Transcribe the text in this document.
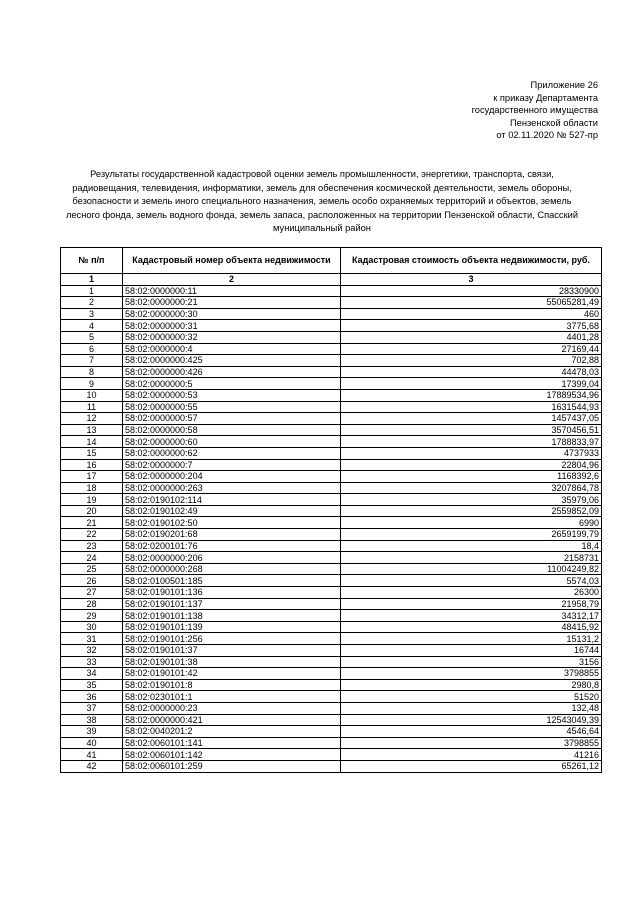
Приложение 26
к приказу Департамента
государственного имущества
Пензенской области
от 02.11.2020 № 527-пр
Результаты государственной кадастровой оценки земель промышленности, энергетики, транспорта, связи, радиовещания, телевидения, информатики, земель для обеспечения космической деятельности, земель обороны, безопасности и земель иного специального назначения, земель особо охраняемых территорий и объектов, земель лесного фонда, земель водного фонда, земель запаса, расположенных на территории Пензенской области, Спасский муниципальный район
№ п/п	Кадастровый номер объекта недвижимости	Кадастровая стоимость объекта недвижимости, руб.
1	2	3
1	58:02:0000000:11	28330900
2	58:02:0000000:21	55065281,49
3	58:02:0000000:30	460
4	58:02:0000000:31	3775,68
5	58:02:0000000:32	4401,28
6	58:02:0000000:4	27169,44
7	58:02:0000000:425	702,88
8	58:02:0000000:426	44478,03
9	58:02:0000000:5	17399,04
10	58:02:0000000:53	17889534,96
11	58:02:0000000:55	1631544,93
12	58:02:0000000:57	1457437,05
13	58:02:0000000:58	3570456,51
14	58:02:0000000:60	1788833,97
15	58:02:0000000:62	4737933
16	58:02:0000000:7	22804,96
17	58:02:0000000:204	1168392,6
18	58:02:0000000:263	3207864,78
19	58:02:0190102:114	35979,06
20	58:02:0190102:49	2559852,09
21	58:02:0190102:50	6990
22	58:02:0190201:68	2659199,79
23	58:02:0200101:76	18,4
24	58:02:0000000:206	2158731
25	58:02:0000000:268	11004249,82
26	58:02:0100501:185	5574,03
27	58:02:0190101:136	26300
28	58:02:0190101:137	21958,79
29	58:02:0190101:138	34312,17
30	58:02:0190101:139	48415,92
31	58:02:0190101:256	15131,2
32	58:02:0190101:37	16744
33	58:02:0190101:38	3156
34	58:02:0190101:42	3798855
35	58:02:0190101:8	2980,8
36	58:02:0230101:1	51520
37	58:02:0000000:23	132,48
38	58:02:0000000:421	12543049,39
39	58:02:0040201:2	4546,64
40	58:02:0060101:141	3798855
41	58:02:0060101:142	41216
42	58:02:0060101:259	65261,12
